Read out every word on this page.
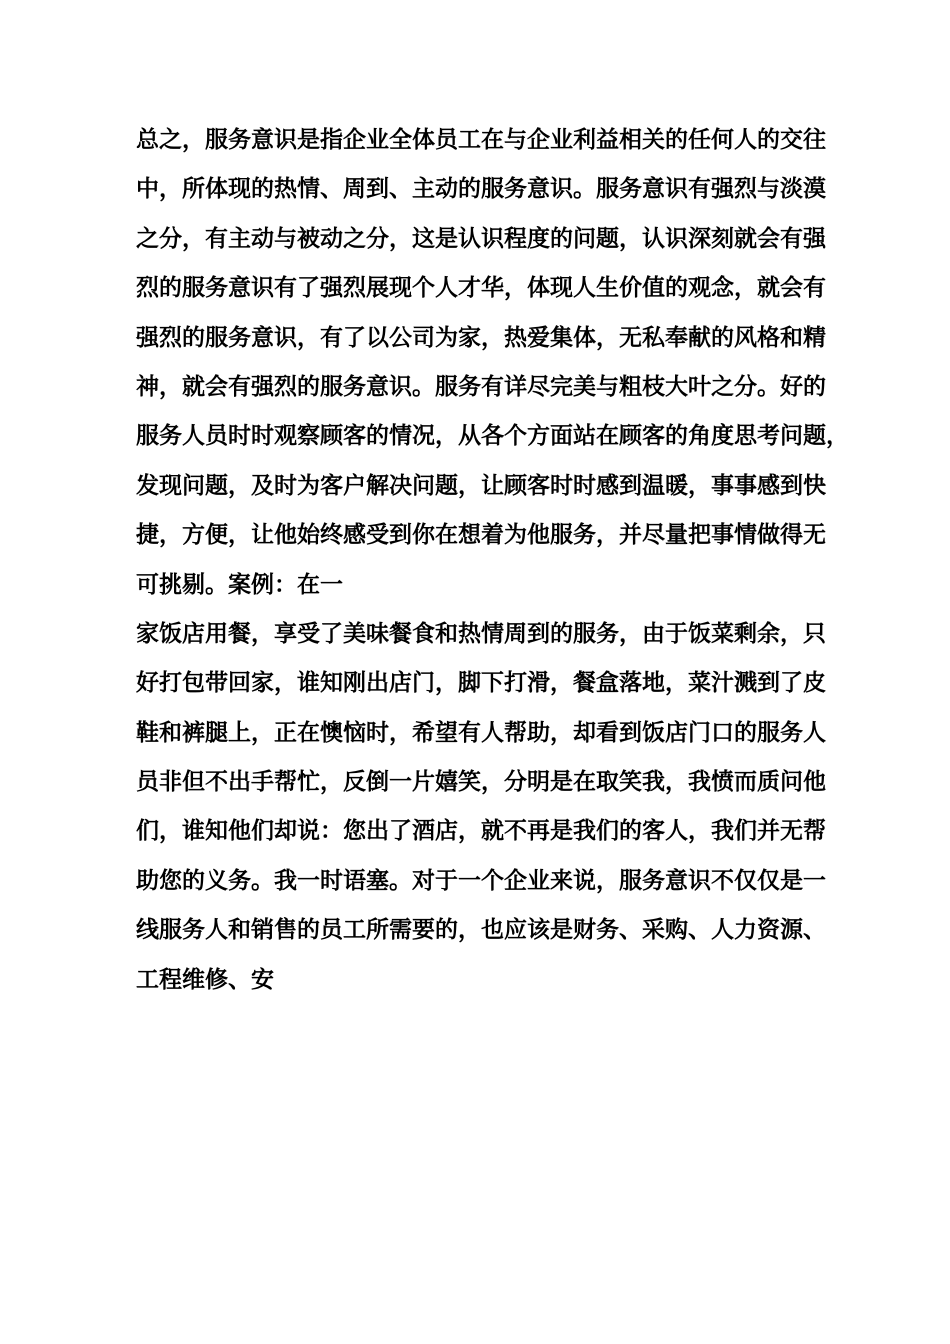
总之，服务意识是指企业全体员工在与企业利益相关的任何人的交往
中，所体现的热情、周到、主动的服务意识。服务意识有强烈与淡漠
之分，有主动与被动之分，这是认识程度的问题，认识深刻就会有强
烈的服务意识有了强烈展现个人才华，体现人生价值的观念，就会有
强烈的服务意识，有了以公司为家，热爱集体，无私奉献的风格和精
神，就会有强烈的服务意识。服务有详尽完美与粗枝大叶之分。好的
服务人员时时观察顾客的情况，从各个方面站在顾客的角度思考问题，
发现问题，及时为客户解决问题，让顾客时时感到温暖，事事感到快
捷，方便，让他始终感受到你在想着为他服务，并尽量把事情做得无
可挑剔。案例：在一
家饭店用餐，享受了美味餐食和热情周到的服务，由于饭菜剩余，只
好打包带回家，谁知刚出店门，脚下打滑，餐盒落地，菜汁溅到了皮
鞋和裤腿上，正在懊恼时，希望有人帮助，却看到饭店门口的服务人
员非但不出手帮忙，反倒一片嬉笑，分明是在取笑我，我愤而质问他
们，谁知他们却说：您出了酒店，就不再是我们的客人，我们并无帮
助您的义务。我一时语塞。对于一个企业来说，服务意识不仅仅是一
线服务人和销售的员工所需要的，也应该是财务、采购、人力资源、
工程维修、安
